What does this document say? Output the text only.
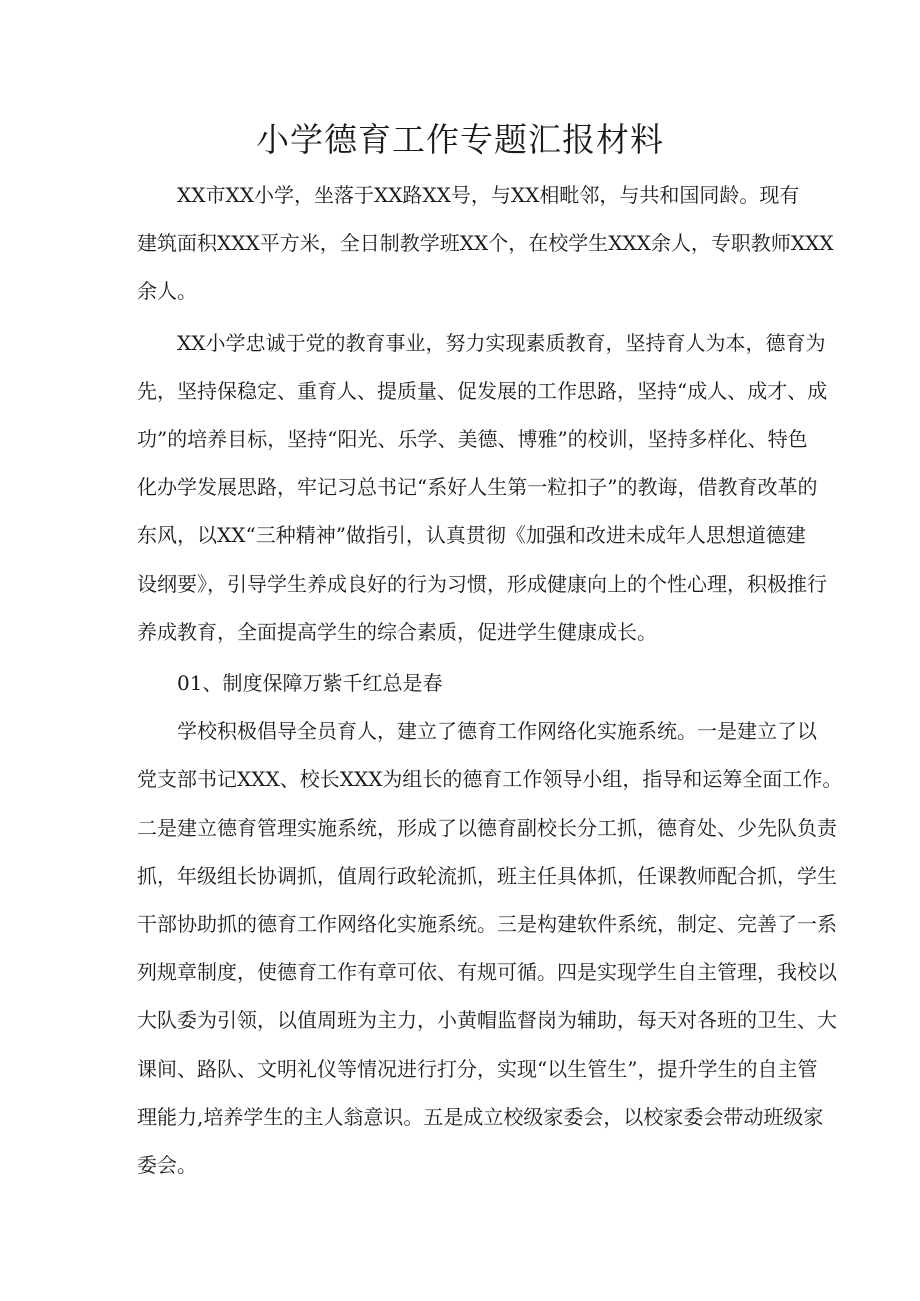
小学德育工作专题汇报材料

XX市XX小学，坐落于XX路XX号，与XX相毗邻，与共和国同龄。现有
建筑面积XXX平方米，全日制教学班XX个，在校学生XXX余人，专职教师XXX
余人。

XX小学忠诚于党的教育事业，努力实现素质教育，坚持育人为本，德育为
先，坚持保稳定、重育人、提质量、促发展的工作思路，坚持“成人、成才、成
功”的培养目标，坚持“阳光、乐学、美德、博雅”的校训，坚持多样化、特色
化办学发展思路，牢记习总书记“系好人生第一粒扣子”的教诲，借教育改革的
东风，以XX“三种精神”做指引，认真贯彻《加强和改进未成年人思想道德建
设纲要》，引导学生养成良好的行为习惯，形成健康向上的个性心理，积极推行
养成教育，全面提高学生的综合素质，促进学生健康成长。

01、制度保障万紫千红总是春

学校积极倡导全员育人，建立了德育工作网络化实施系统。一是建立了以
党支部书记XXX、校长XXX为组长的德育工作领导小组，指导和运筹全面工作。
二是建立德育管理实施系统，形成了以德育副校长分工抓，德育处、少先队负责
抓，年级组长协调抓，值周行政轮流抓，班主任具体抓，任课教师配合抓，学生
干部协助抓的德育工作网络化实施系统。三是构建软件系统，制定、完善了一系
列规章制度，使德育工作有章可依、有规可循。四是实现学生自主管理，我校以
大队委为引领，以值周班为主力，小黄帽监督岗为辅助，每天对各班的卫生、大
课间、路队、文明礼仪等情况进行打分，实现“以生管生”，提升学生的自主管
理能力,培养学生的主人翁意识。五是成立校级家委会，以校家委会带动班级家
委会。
